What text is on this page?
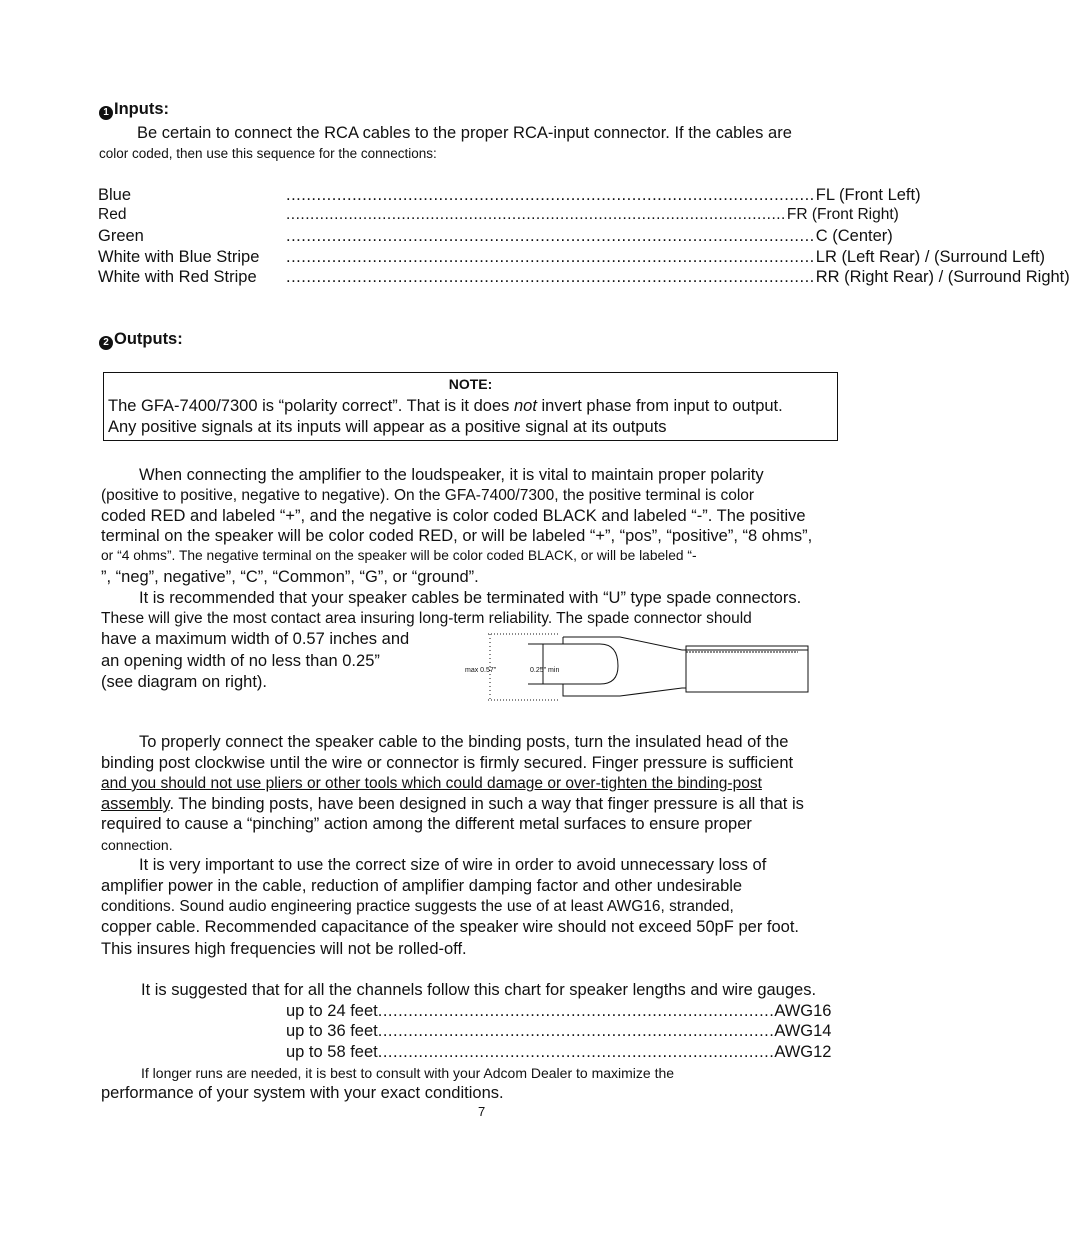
1 Inputs:
Be certain to connect the RCA cables to the proper RCA-input connector. If the cables are
color coded, then use this sequence for the connections:
Blue	........................................................................................................ FL (Front Left)
Red	........................................................................................................ FR (Front Right)
Green	........................................................................................................ C (Center)
White with Blue Stripe	........................................................................................................ LR (Left Rear) / (Surround Left)
White with Red Stripe	........................................................................................................ RR (Right Rear) / (Surround Right)
2 Outputs:
NOTE:
The GFA-7400/7300 is “polarity correct”. That is it does not invert phase from input to output.
Any positive signals at its inputs will appear as a positive signal at its outputs
When connecting the amplifier to the loudspeaker, it is vital to maintain proper polarity
(positive to positive, negative to negative). On the GFA-7400/7300, the positive terminal is color
coded RED and labeled “+”, and the negative is color coded BLACK and labeled “-”. The positive
terminal on the speaker will be color coded RED, or will be labeled “+”, “pos”, “positive”, “8 ohms”,
or “4 ohms”. The negative terminal on the speaker will be color coded BLACK, or will be labeled “-
”, “neg”, negative”, “C”, “Common”, “G”, or “ground”.
It is recommended that your speaker cables be terminated with “U” type spade connectors.
These will give the most contact area insuring long-term reliability. The spade connector should
have a maximum width of 0.57 inches and
an opening width of no less than 0.25”
(see diagram on right).
max 0.57"	0.25" min
To properly connect the speaker cable to the binding posts, turn the insulated head of the
binding post clockwise until the wire or connector is firmly secured. Finger pressure is sufficient
and you should not use pliers or other tools which could damage or over-tighten the binding-post
assembly. The binding posts, have been designed in such a way that finger pressure is all that is
required to cause a “pinching” action among the different metal surfaces to ensure proper
connection.
It is very important to use the correct size of wire in order to avoid unnecessary loss of
amplifier power in the cable, reduction of amplifier damping factor and other undesirable
conditions. Sound audio engineering practice suggests the use of at least AWG16, stranded,
copper cable. Recommended capacitance of the speaker wire should not exceed 50pF per foot.
This insures high frequencies will not be rolled-off.
It is suggested that for all the channels follow this chart for speaker lengths and wire gauges.
up to 24 feet .............................................................................. AWG16
up to 36 feet .............................................................................. AWG14
up to 58 feet .............................................................................. AWG12
If longer runs are needed, it is best to consult with your Adcom Dealer to maximize the
performance of your system with your exact conditions.
7
